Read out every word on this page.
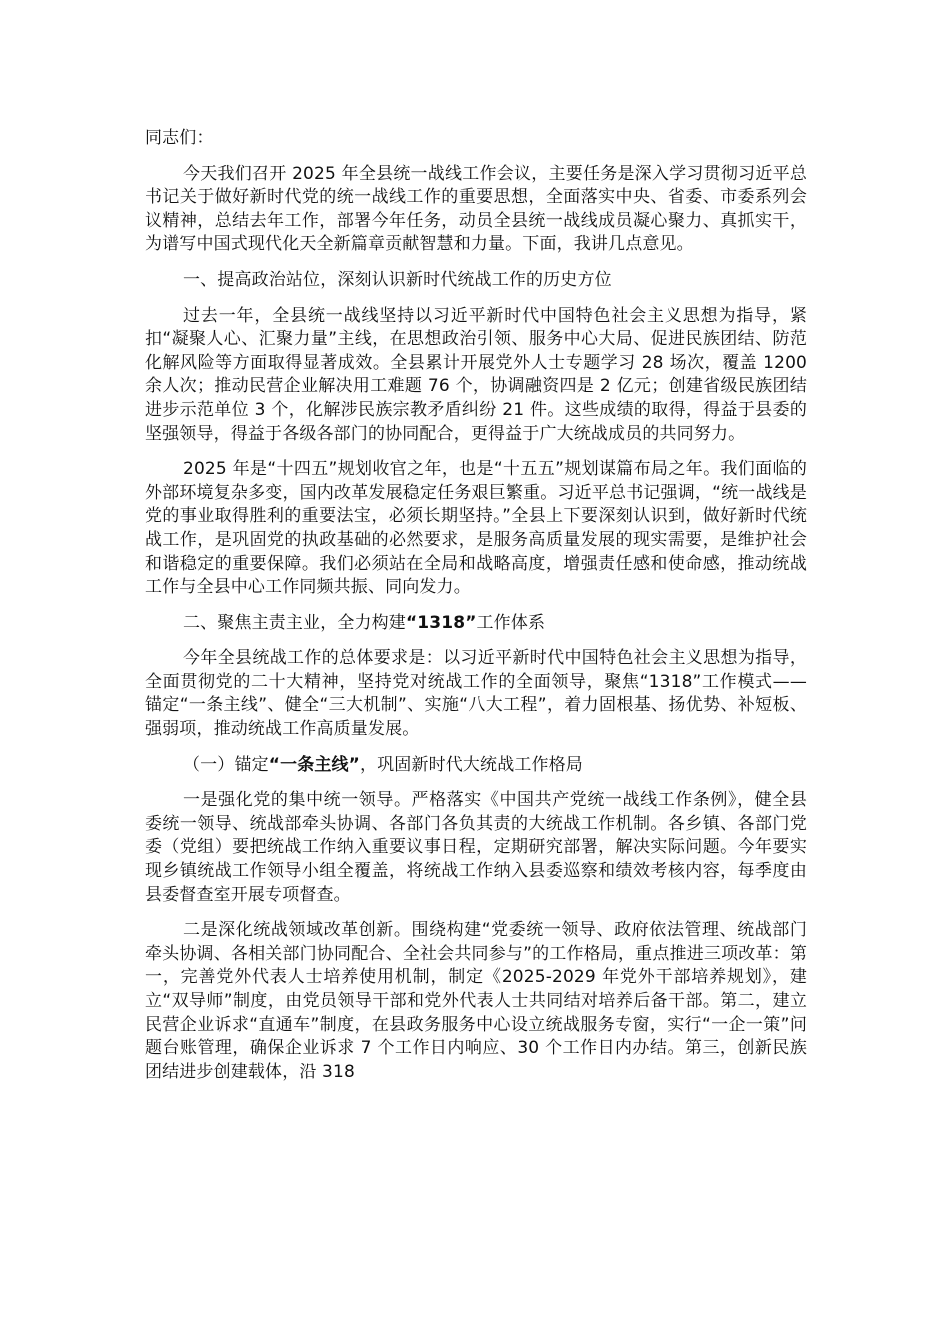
同志们：

今天我们召开 2025 年全县统一战线工作会议，主要任务是深入学习贯彻习近平总书记关于做好新时代党的统一战线工作的重要思想，全面落实中央、省委、市委系列会议精神，总结去年工作，部署今年任务，动员全县统一战线成员凝心聚力、真抓实干，为谱写中国式现代化天全新篇章贡献智慧和力量。下面，我讲几点意见。

一、提高政治站位，深刻认识新时代统战工作的历史方位

过去一年，全县统一战线坚持以习近平新时代中国特色社会主义思想为指导，紧扣“凝聚人心、汇聚力量”主线，在思想政治引领、服务中心大局、促进民族团结、防范化解风险等方面取得显著成效。全县累计开展党外人士专题学习 28 场次，覆盖 1200 余人次；推动民营企业解决用工难题 76 个，协调融资四是 2 亿元；创建省级民族团结进步示范单位 3 个，化解涉民族宗教矛盾纠纷 21 件。这些成绩的取得，得益于县委的坚强领导，得益于各级各部门的协同配合，更得益于广大统战成员的共同努力。

2025 年是“十四五”规划收官之年，也是“十五五”规划谋篇布局之年。我们面临的外部环境复杂多变，国内改革发展稳定任务艰巨繁重。习近平总书记强调，“统一战线是党的事业取得胜利的重要法宝，必须长期坚持。”全县上下要深刻认识到，做好新时代统战工作，是巩固党的执政基础的必然要求，是服务高质量发展的现实需要，是维护社会和谐稳定的重要保障。我们必须站在全局和战略高度，增强责任感和使命感，推动统战工作与全县中心工作同频共振、同向发力。

二、聚焦主责主业，全力构建“1318”工作体系

今年全县统战工作的总体要求是：以习近平新时代中国特色社会主义思想为指导，全面贯彻党的二十大精神，坚持党对统战工作的全面领导，聚焦“1318”工作模式——锚定“一条主线”、健全“三大机制”、实施“八大工程”，着力固根基、扬优势、补短板、强弱项，推动统战工作高质量发展。

（一）锚定“一条主线”，巩固新时代大统战工作格局

一是强化党的集中统一领导。严格落实《中国共产党统一战线工作条例》，健全县委统一领导、统战部牵头协调、各部门各负其责的大统战工作机制。各乡镇、各部门党委（党组）要把统战工作纳入重要议事日程，定期研究部署，解决实际问题。今年要实现乡镇统战工作领导小组全覆盖，将统战工作纳入县委巡察和绩效考核内容，每季度由县委督查室开展专项督查。

二是深化统战领域改革创新。围绕构建“党委统一领导、政府依法管理、统战部门牵头协调、各相关部门协同配合、全社会共同参与”的工作格局，重点推进三项改革：第一，完善党外代表人士培养使用机制，制定《2025-2029 年党外干部培养规划》，建立“双导师”制度，由党员领导干部和党外代表人士共同结对培养后备干部。第二，建立民营企业诉求“直通车”制度，在县政务服务中心设立统战服务专窗，实行“一企一策”问题台账管理，确保企业诉求 7 个工作日内响应、30 个工作日内办结。第三，创新民族团结进步创建载体，沿 318
